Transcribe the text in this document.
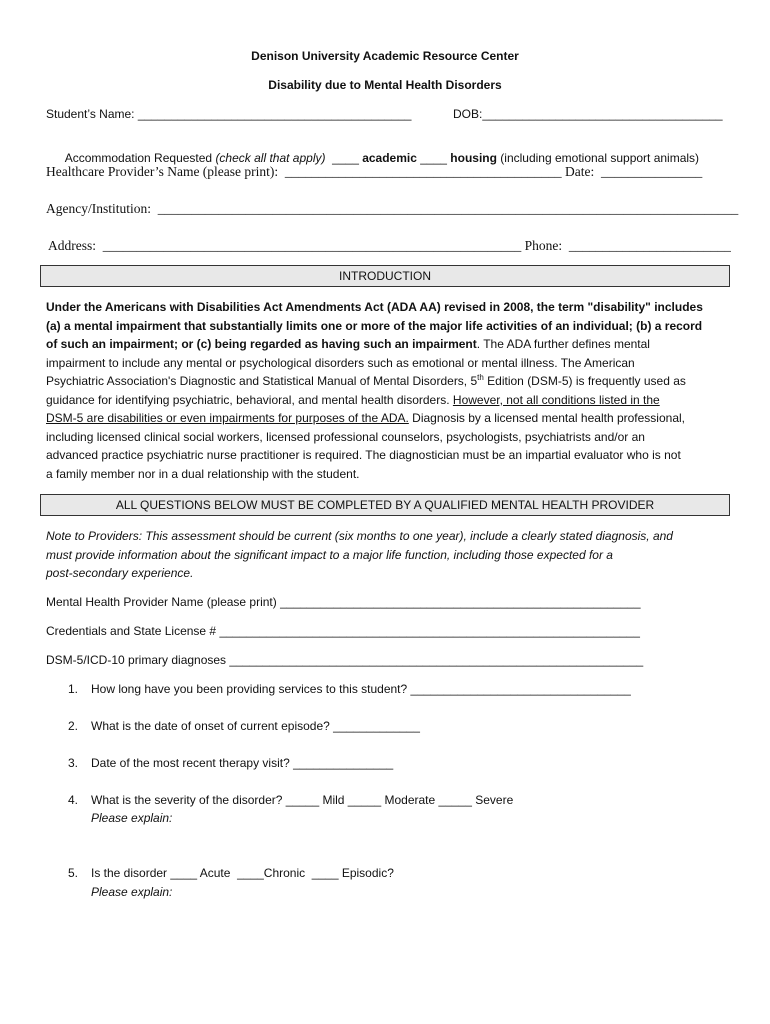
Denison University Academic Resource Center
Disability due to Mental Health Disorders
Student’s Name: _________________________________________	DOB:____________________________________

Accommodation Requested (check all that apply)  ____ academic ____ housing (including emotional support animals)

Healthcare Provider’s Name (please print):  _________________________________________ Date:  _______________
Agency/Institution:  ______________________________________________________________________________________
Address:  ______________________________________________________________ Phone:  ________________________
INTRODUCTION
Under the Americans with Disabilities Act Amendments Act (ADA AA) revised in 2008, the term "disability" includes
(a) a mental impairment that substantially limits one or more of the major life activities of an individual; (b) a record
of such an impairment; or (c) being regarded as having such an impairment. The ADA further defines mental
impairment to include any mental or psychological disorders such as emotional or mental illness. The American
Psychiatric Association's Diagnostic and Statistical Manual of Mental Disorders, 5th Edition (DSM-5) is frequently used as
guidance for identifying psychiatric, behavioral, and mental health disorders. However, not all conditions listed in the
DSM-5 are disabilities or even impairments for purposes of the ADA. Diagnosis by a licensed mental health professional,
including licensed clinical social workers, licensed professional counselors, psychologists, psychiatrists and/or an
advanced practice psychiatric nurse practitioner is required. The diagnostician must be an impartial evaluator who is not
a family member nor in a dual relationship with the student.
ALL QUESTIONS BELOW MUST BE COMPLETED BY A QUALIFIED MENTAL HEALTH PROVIDER
Note to Providers: This assessment should be current (six months to one year), include a clearly stated diagnosis, and
must provide information about the significant impact to a major life function, including those expected for a
post-secondary experience.
Mental Health Provider Name (please print) ______________________________________________________
Credentials and State License # _______________________________________________________________
DSM-5/ICD-10 primary diagnoses ______________________________________________________________
1. How long have you been providing services to this student? _________________________________
2. What is the date of onset of current episode? _____________
3. Date of the most recent therapy visit? _______________
4. What is the severity of the disorder? _____ Mild _____ Moderate _____ Severe
Please explain:
5. Is the disorder ____ Acute  ____Chronic  ____ Episodic?
Please explain:
